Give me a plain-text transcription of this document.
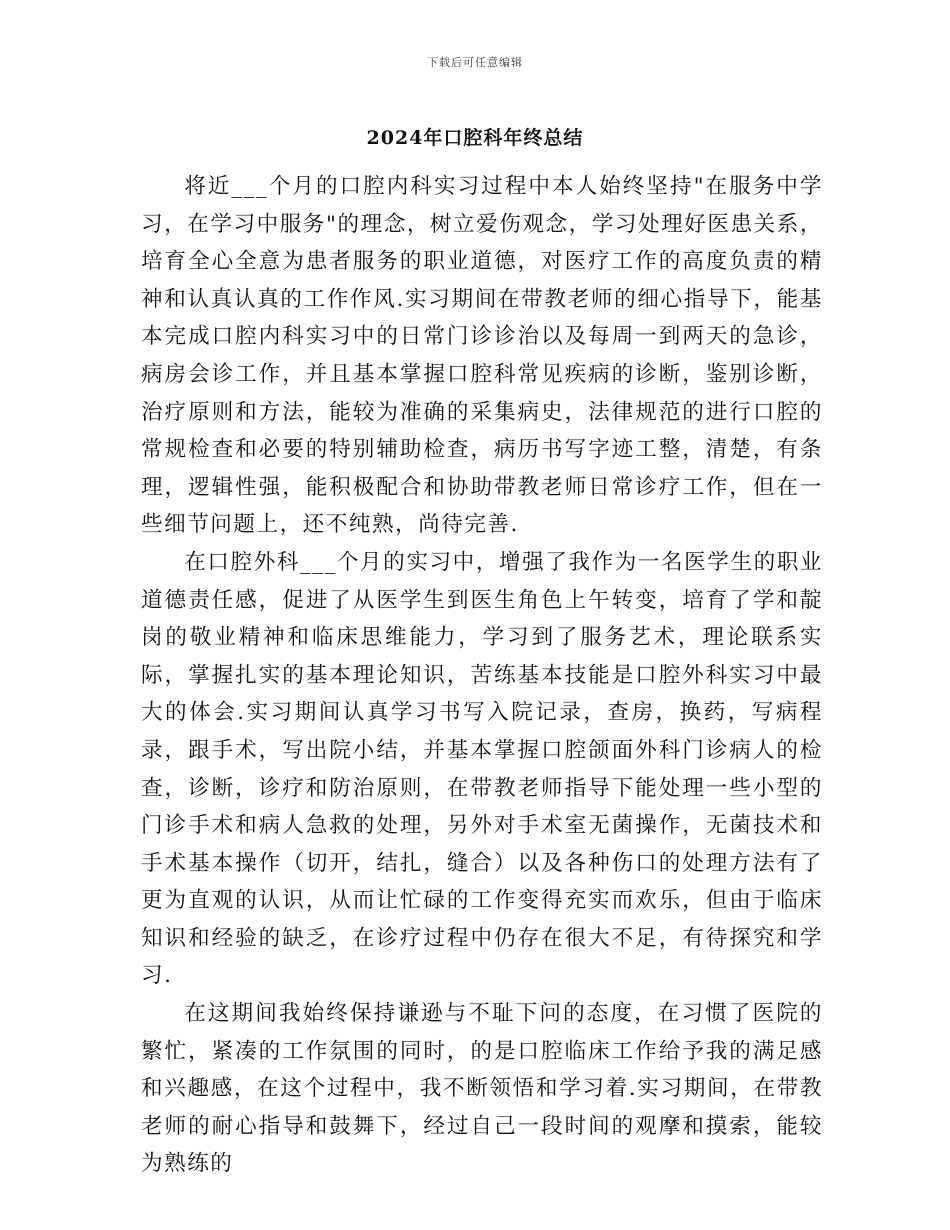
下载后可任意编辑
2024年口腔科年终总结

将近___个月的口腔内科实习过程中本人始终坚持"在服务中学习，在学习中服务"的理念，树立爱伤观念，学习处理好医患关系，培育全心全意为患者服务的职业道德，对医疗工作的高度负责的精神和认真认真的工作作风.实习期间在带教老师的细心指导下，能基本完成口腔内科实习中的日常门诊诊治以及每周一到两天的急诊，病房会诊工作，并且基本掌握口腔科常见疾病的诊断，鉴别诊断，治疗原则和方法，能较为准确的采集病史，法律规范的进行口腔的常规检查和必要的特别辅助检查，病历书写字迹工整，清楚，有条理，逻辑性强，能积极配合和协助带教老师日常诊疗工作，但在一些细节问题上，还不纯熟，尚待完善.

在口腔外科___个月的实习中，增强了我作为一名医学生的职业道德责任感，促进了从医学生到医生角色上午转变，培育了学和靛岗的敬业精神和临床思维能力，学习到了服务艺术，理论联系实际，掌握扎实的基本理论知识，苦练基本技能是口腔外科实习中最大的体会.实习期间认真学习书写入院记录，查房，换药，写病程录，跟手术，写出院小结，并基本掌握口腔颌面外科门诊病人的检查，诊断，诊疗和防治原则，在带教老师指导下能处理一些小型的门诊手术和病人急救的处理，另外对手术室无菌操作，无菌技术和手术基本操作（切开，结扎，缝合）以及各种伤口的处理方法有了更为直观的认识，从而让忙碌的工作变得充实而欢乐，但由于临床知识和经验的缺乏，在诊疗过程中仍存在很大不足，有待探究和学习.

在这期间我始终保持谦逊与不耻下问的态度，在习惯了医院的繁忙，紧凑的工作氛围的同时，的是口腔临床工作给予我的满足感和兴趣感，在这个过程中，我不断领悟和学习着.实习期间，在带教老师的耐心指导和鼓舞下，经过自己一段时间的观摩和摸索，能较为熟练的
